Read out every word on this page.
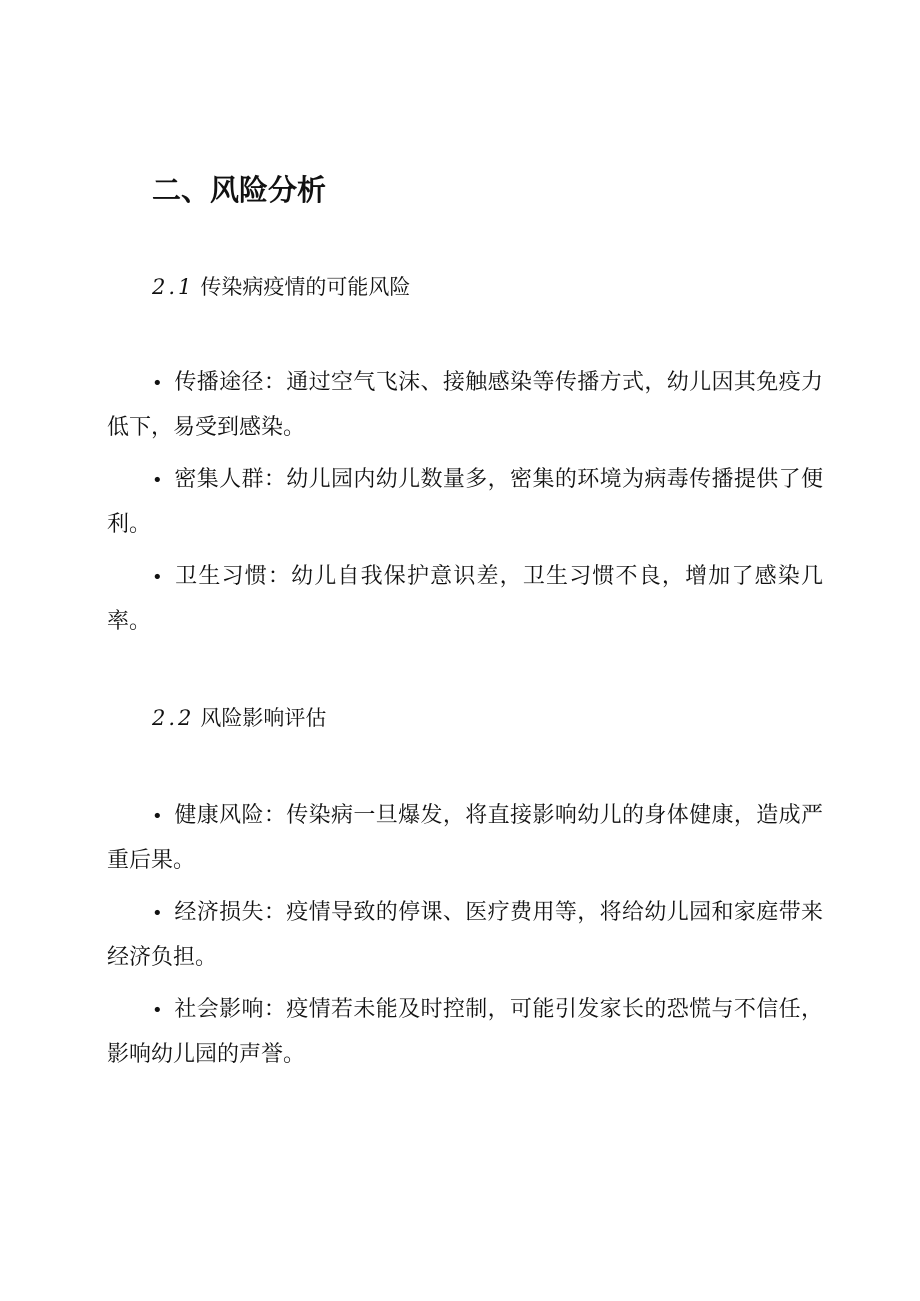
二、风险分析
2.1 传染病疫情的可能风险

• 传播途径：通过空气飞沫、接触感染等传播方式，幼儿因其免疫力低下，易受到感染。

• 密集人群：幼儿园内幼儿数量多，密集的环境为病毒传播提供了便利。

• 卫生习惯：幼儿自我保护意识差，卫生习惯不良，增加了感染几率。

2.2 风险影响评估

• 健康风险：传染病一旦爆发，将直接影响幼儿的身体健康，造成严重后果。

• 经济损失：疫情导致的停课、医疗费用等，将给幼儿园和家庭带来经济负担。

• 社会影响：疫情若未能及时控制，可能引发家长的恐慌与不信任，影响幼儿园的声誉。
